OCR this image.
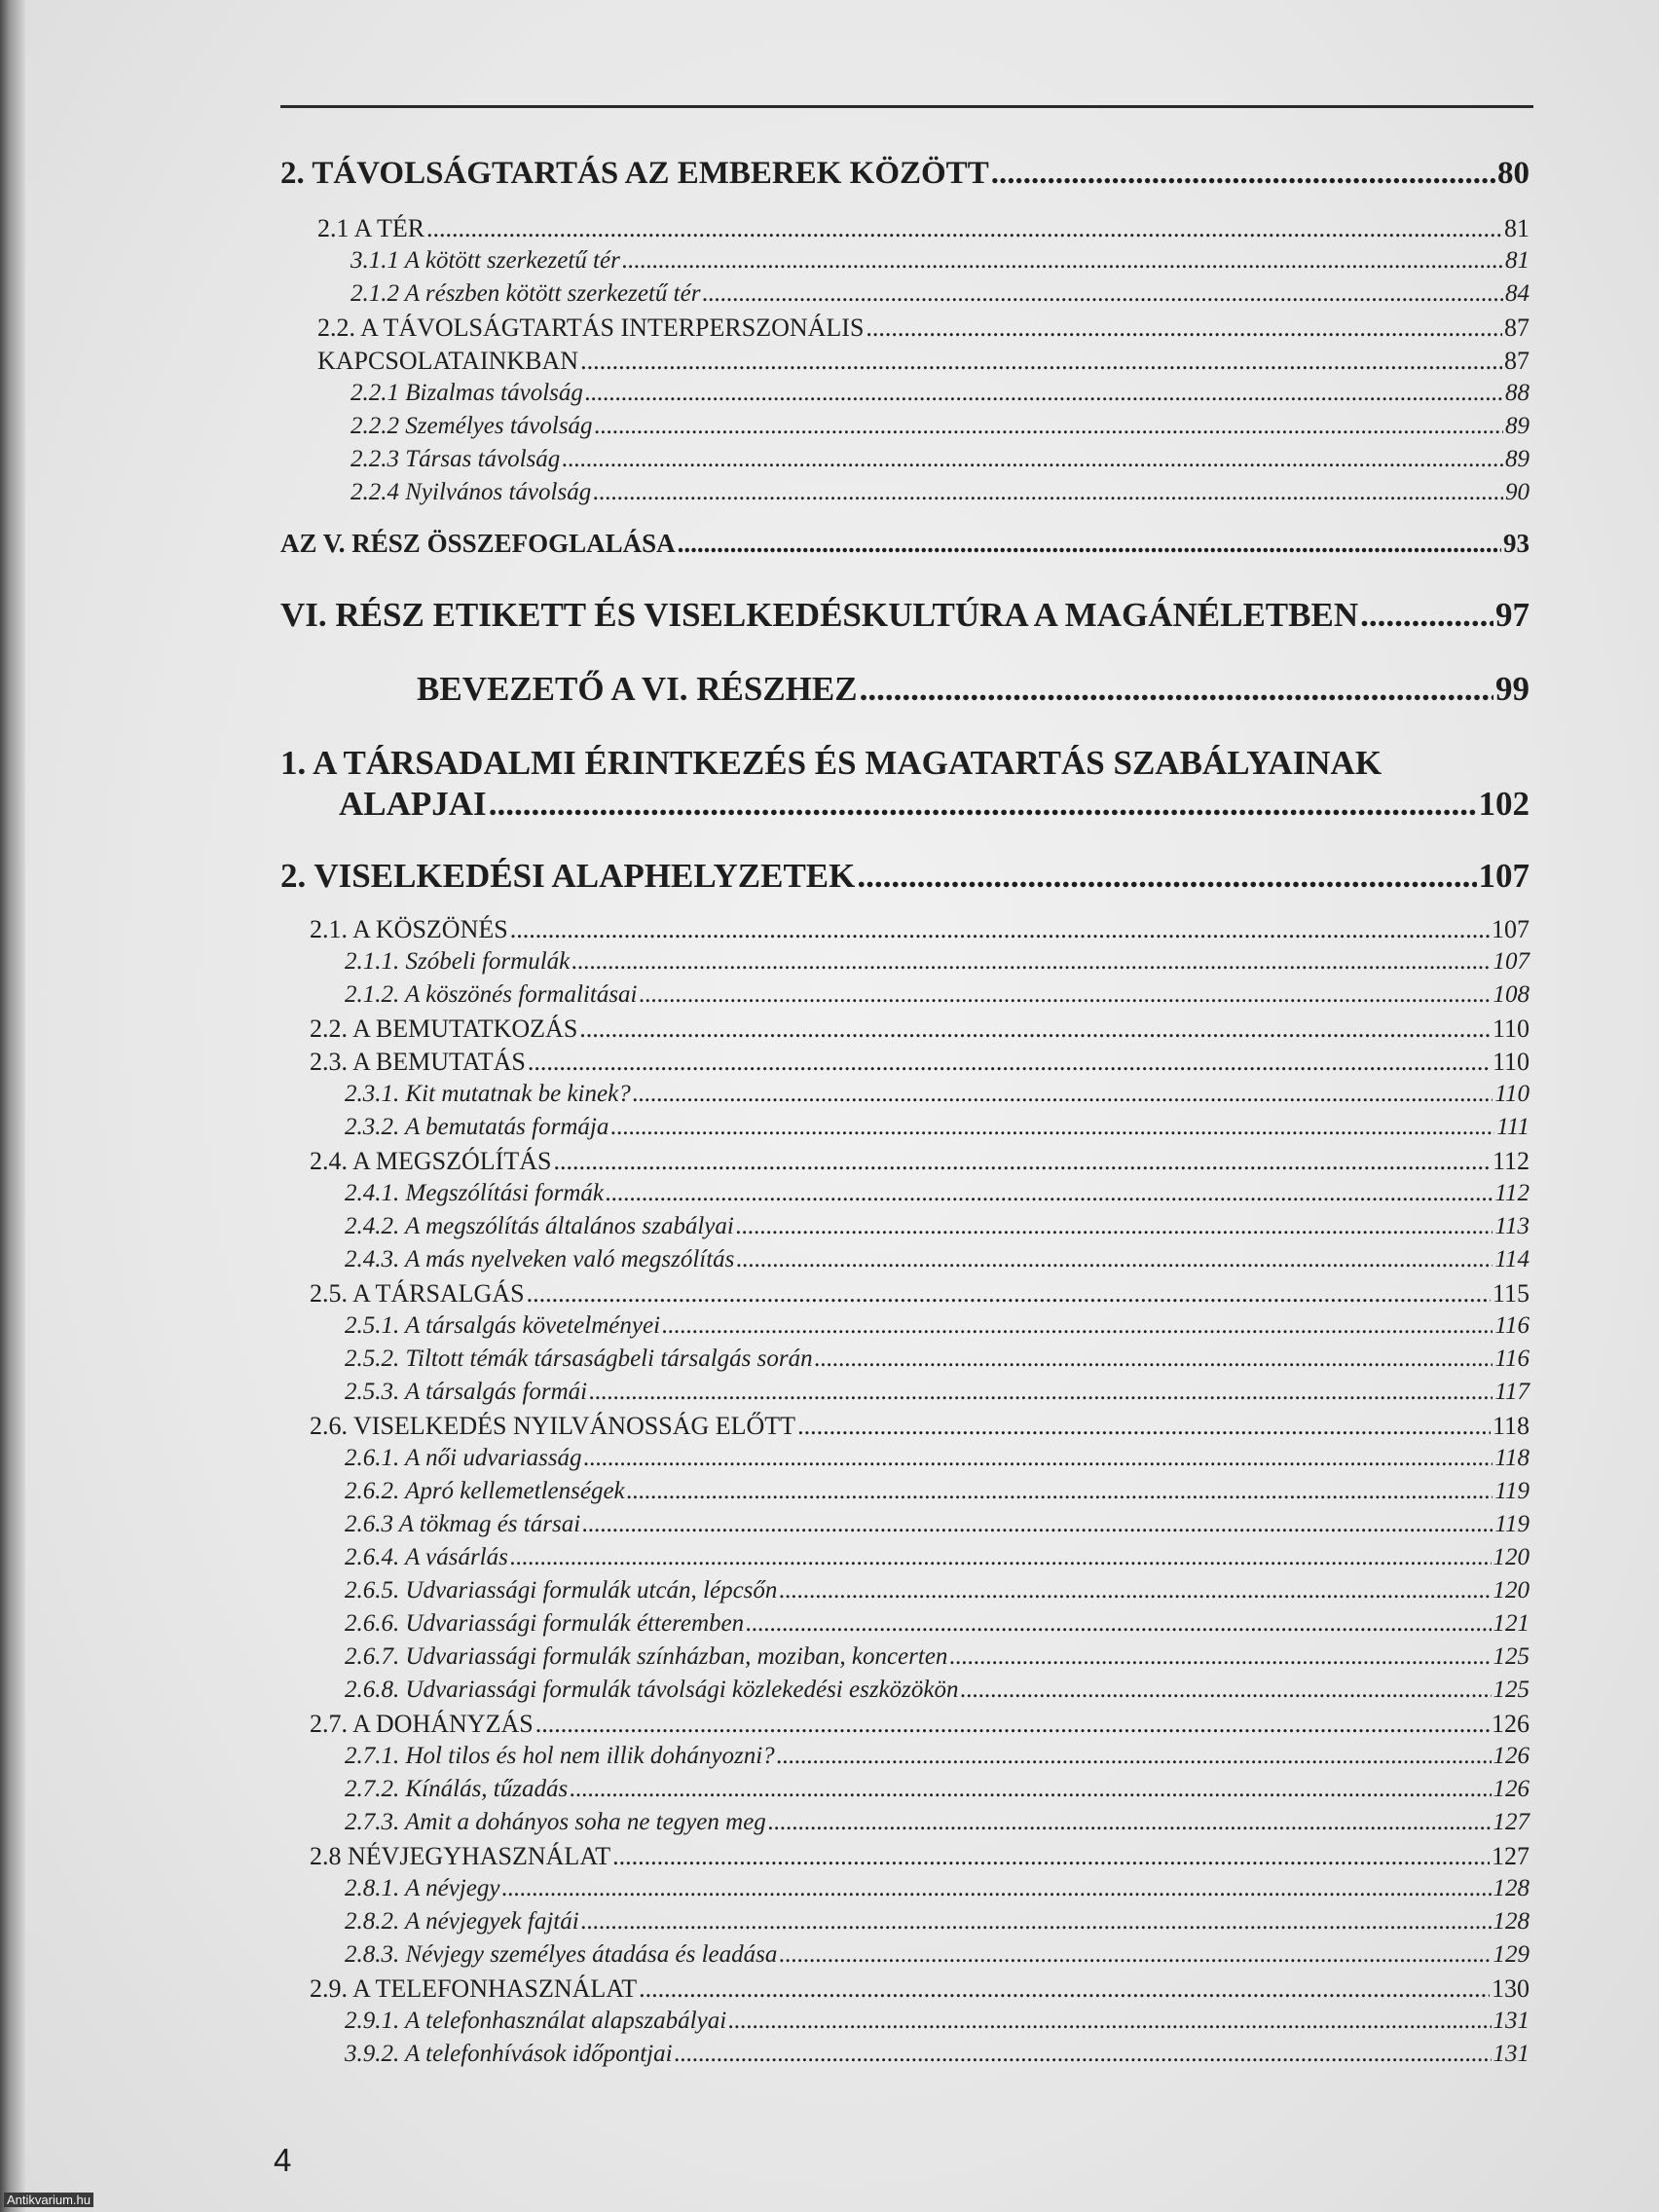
2. TÁVOLSÁGTARTÁS AZ EMBEREK KÖZÖTT .....	80
2.1 A TÉR .....	81
3.1.1 A kötött szerkezetű tér .....	81
2.1.2 A részben kötött szerkezetű tér .....	84
2.2. A TÁVOLSÁGTARTÁS INTERPERSZONÁLIS .....	87
KAPCSOLATAINKBAN .....	87
2.2.1 Bizalmas távolság .....	88
2.2.2 Személyes távolság .....	89
2.2.3 Társas távolság .....	89
2.2.4 Nyilvános távolság .....	90
AZ V. RÉSZ ÖSSZEFOGLALÁSA .....	93
VI. RÉSZ ETIKETT ÉS VISELKEDÉSKULTÚRA A MAGÁNÉLETBEN .....	97
BEVEZETŐ A VI. RÉSZHEZ .....	99
1. A TÁRSADALMI ÉRINTKEZÉS ÉS MAGATARTÁS SZABÁLYAINAK
ALAPJAI .....	102
2. VISELKEDÉSI ALAPHELYZETEK .....	107
2.1. A KÖSZÖNÉS .....	107
2.1.1. Szóbeli formulák .....	107
2.1.2. A köszönés formalitásai .....	108
2.2. A BEMUTATKOZÁS .....	110
2.3. A BEMUTATÁS .....	110
2.3.1. Kit mutatnak be kinek? .....	110
2.3.2. A bemutatás formája .....	111
2.4. A MEGSZÓLÍTÁS .....	112
2.4.1. Megszólítási formák .....	112
2.4.2. A megszólítás általános szabályai .....	113
2.4.3. A más nyelveken való megszólítás .....	114
2.5. A TÁRSALGÁS .....	115
2.5.1. A társalgás követelményei .....	116
2.5.2. Tiltott témák társaságbeli társalgás során .....	116
2.5.3. A társalgás formái .....	117
2.6. VISELKEDÉS NYILVÁNOSSÁG ELŐTT .....	118
2.6.1. A női udvariasság .....	118
2.6.2. Apró kellemetlenségek .....	119
2.6.3 A tökmag és társai .....	119
2.6.4. A vásárlás .....	120
2.6.5. Udvariassági formulák utcán, lépcsőn .....	120
2.6.6. Udvariassági formulák étteremben .....	121
2.6.7. Udvariassági formulák színházban, moziban, koncerten .....	125
2.6.8. Udvariassági formulák távolsági közlekedési eszközökön .....	125
2.7. A DOHÁNYZÁS .....	126
2.7.1. Hol tilos és hol nem illik dohányozni? .....	126
2.7.2. Kínálás, tűzadás .....	126
2.7.3. Amit a dohányos soha ne tegyen meg .....	127
2.8 NÉVJEGYHASZNÁLAT .....	127
2.8.1. A névjegy .....	128
2.8.2. A névjegyek fajtái .....	128
2.8.3. Névjegy személyes átadása és leadása .....	129
2.9. A TELEFONHASZNÁLAT .....	130
2.9.1. A telefonhasználat alapszabályai .....	131
3.9.2. A telefonhívások időpontjai .....	131
4
Antikvarium.hu
